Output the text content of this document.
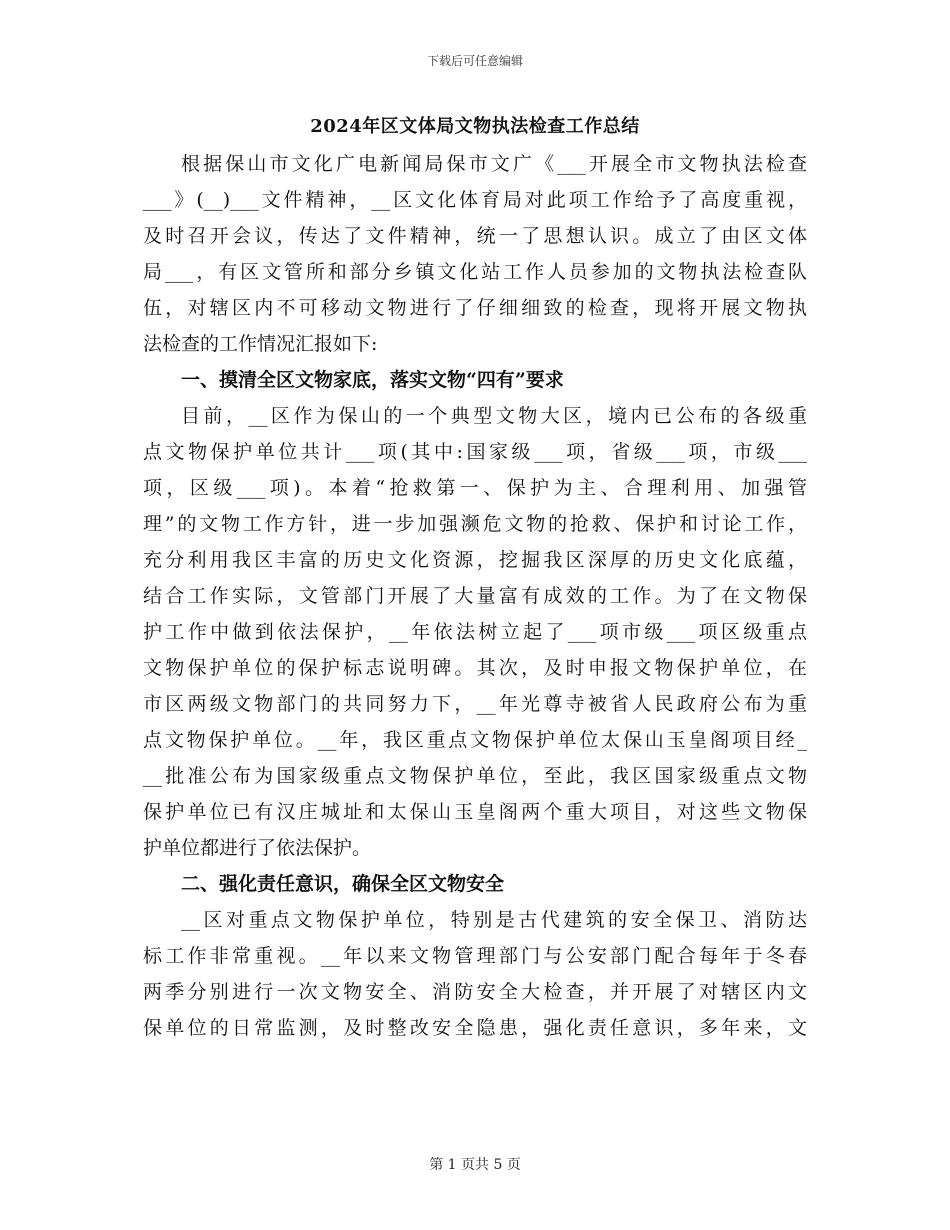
下载后可任意编辑
2024年区文体局文物执法检查工作总结
根据保山市文化广电新闻局保市文广《___开展全市文物执法检查
___》(__)___文件精神，__区文化体育局对此项工作给予了高度重视，
及时召开会议，传达了文件精神，统一了思想认识。成立了由区文体
局___，有区文管所和部分乡镇文化站工作人员参加的文物执法检查队
伍，对辖区内不可移动文物进行了仔细细致的检查，现将开展文物执
法检查的工作情况汇报如下:
一、摸清全区文物家底，落实文物“四有”要求
目前，__区作为保山的一个典型文物大区，境内已公布的各级重
点文物保护单位共计___项(其中:国家级___项，省级___项，市级___
项，区级___项)。本着“抢救第一、保护为主、合理利用、加强管
理”的文物工作方针，进一步加强濒危文物的抢救、保护和讨论工作，
充分利用我区丰富的历史文化资源，挖掘我区深厚的历史文化底蕴，
结合工作实际，文管部门开展了大量富有成效的工作。为了在文物保
护工作中做到依法保护，__年依法树立起了___项市级___项区级重点
文物保护单位的保护标志说明碑。其次，及时申报文物保护单位，在
市区两级文物部门的共同努力下，__年光尊寺被省人民政府公布为重
点文物保护单位。__年，我区重点文物保护单位太保山玉皇阁项目经_
__批准公布为国家级重点文物保护单位，至此，我区国家级重点文物
保护单位已有汉庄城址和太保山玉皇阁两个重大项目，对这些文物保
护单位都进行了依法保护。
二、强化责任意识，确保全区文物安全
__区对重点文物保护单位，特别是古代建筑的安全保卫、消防达
标工作非常重视。__年以来文物管理部门与公安部门配合每年于冬春
两季分别进行一次文物安全、消防安全大检查，并开展了对辖区内文
保单位的日常监测，及时整改安全隐患，强化责任意识，多年来，文
第 1 页共 5 页
